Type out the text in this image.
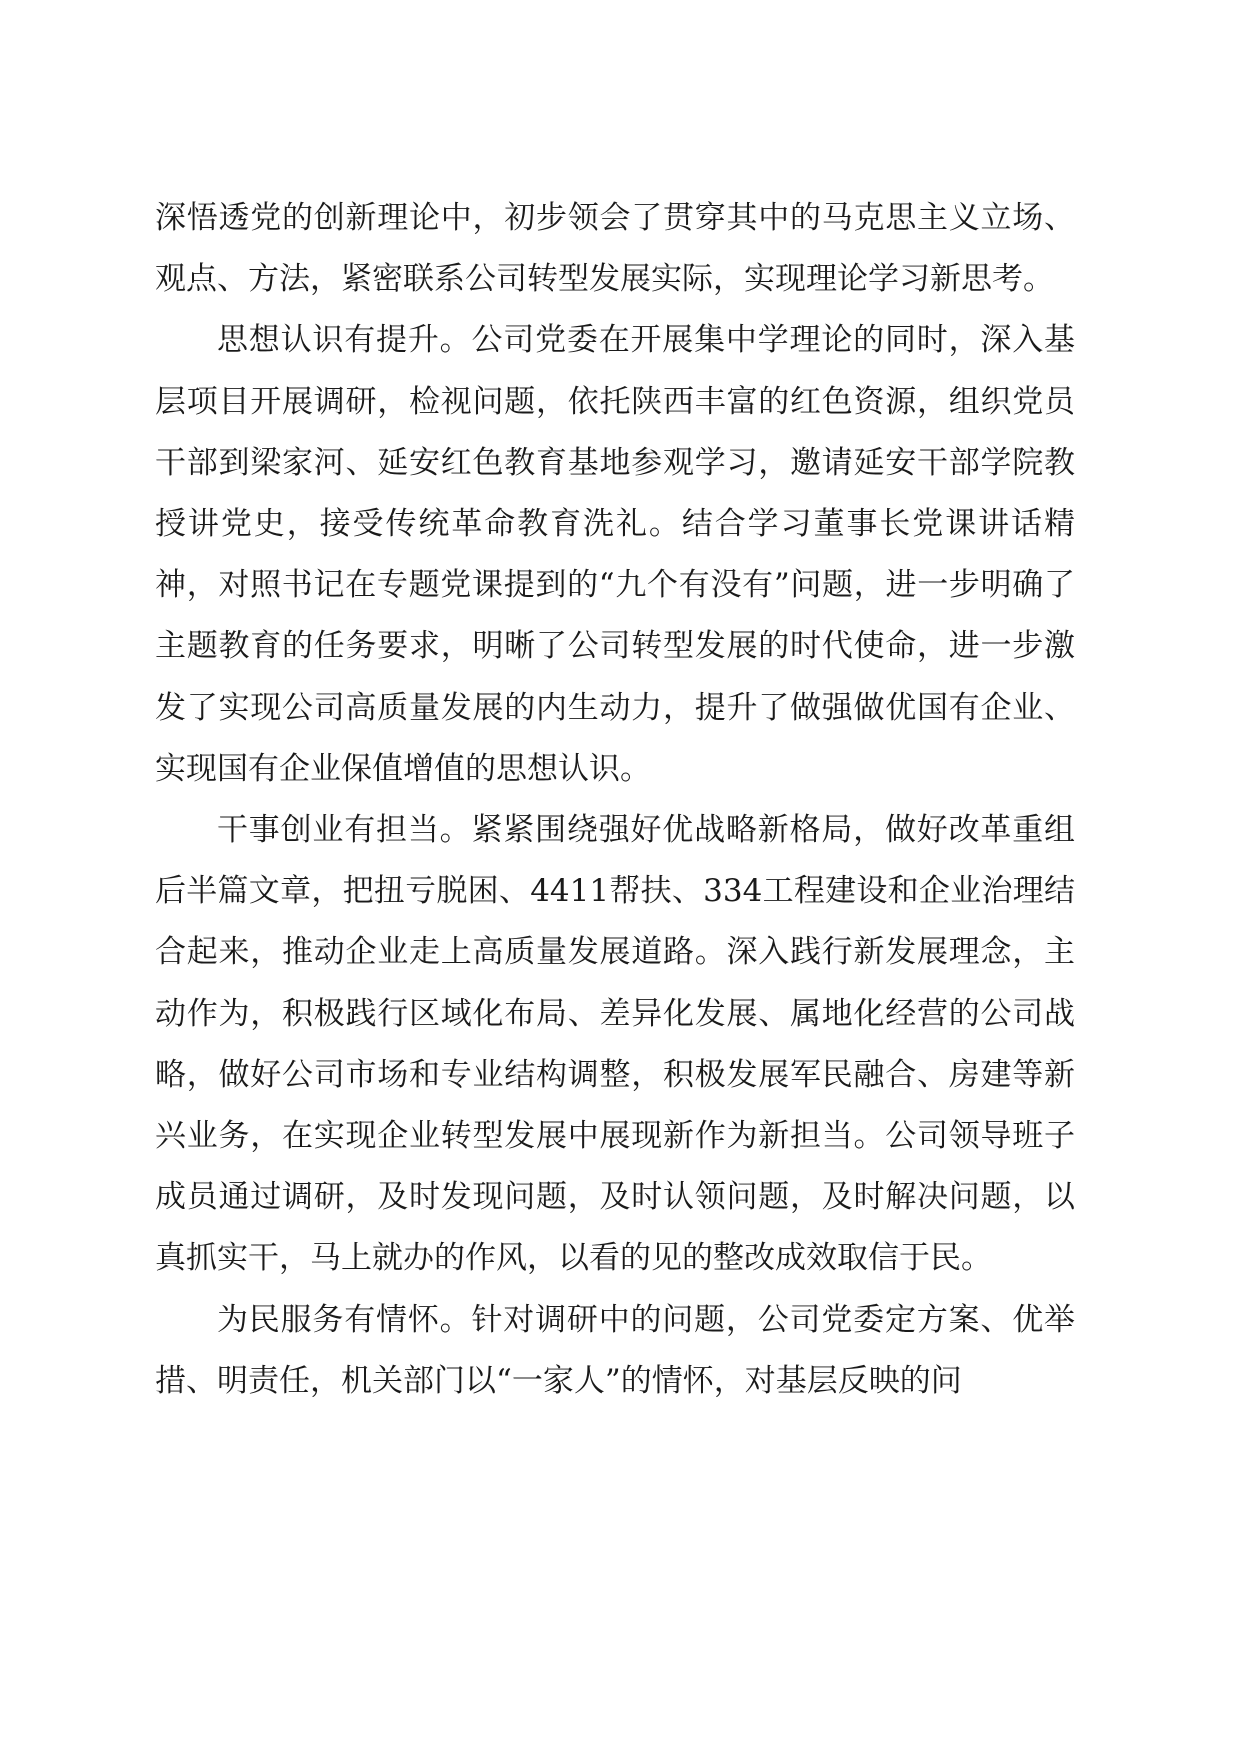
深悟透党的创新理论中，初步领会了贯穿其中的马克思主义立场、观点、方法，紧密联系公司转型发展实际，实现理论学习新思考。

思想认识有提升。公司党委在开展集中学理论的同时，深入基层项目开展调研，检视问题，依托陕西丰富的红色资源，组织党员干部到梁家河、延安红色教育基地参观学习，邀请延安干部学院教授讲党史，接受传统革命教育洗礼。结合学习董事长党课讲话精神，对照书记在专题党课提到的“九个有没有”问题，进一步明确了主题教育的任务要求，明晰了公司转型发展的时代使命，进一步激发了实现公司高质量发展的内生动力，提升了做强做优国有企业、实现国有企业保值增值的思想认识。

干事创业有担当。紧紧围绕强好优战略新格局，做好改革重组后半篇文章，把扭亏脱困、4411帮扶、334工程建设和企业治理结合起来，推动企业走上高质量发展道路。深入践行新发展理念，主动作为，积极践行区域化布局、差异化发展、属地化经营的公司战略，做好公司市场和专业结构调整，积极发展军民融合、房建等新兴业务，在实现企业转型发展中展现新作为新担当。公司领导班子成员通过调研，及时发现问题，及时认领问题，及时解决问题，以真抓实干，马上就办的作风，以看的见的整改成效取信于民。

为民服务有情怀。针对调研中的问题，公司党委定方案、优举措、明责任，机关部门以“一家人”的情怀，对基层反映的问
